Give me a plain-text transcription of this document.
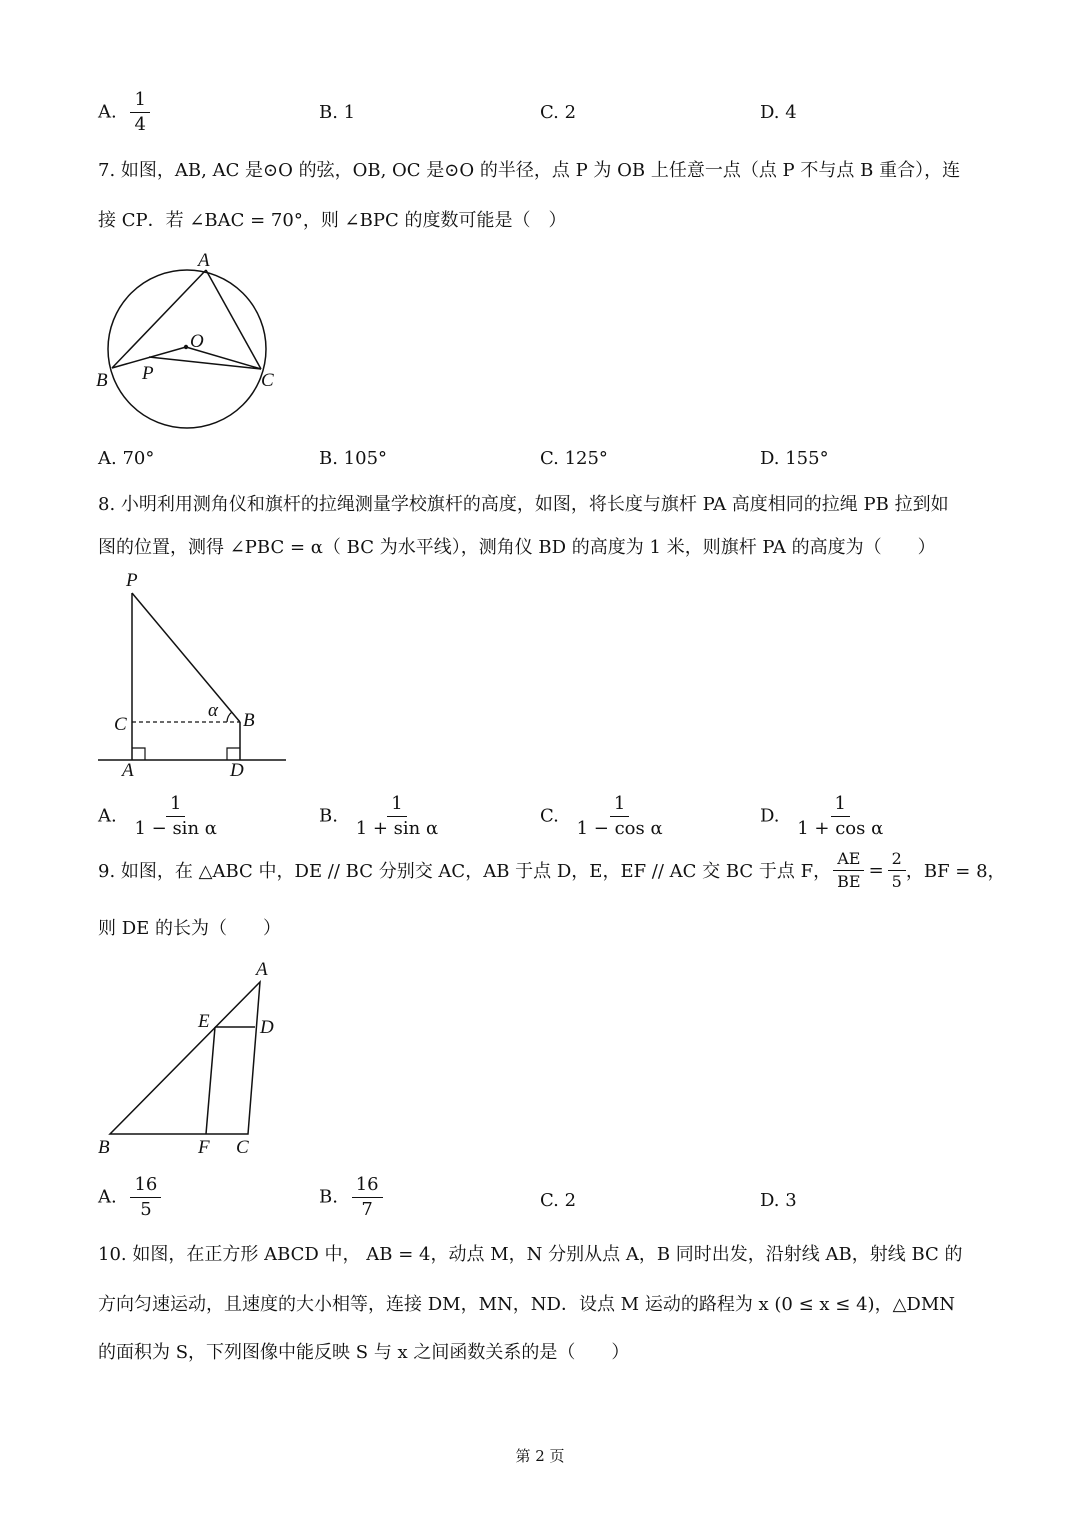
A. $\frac{1}{4}$	B. 1	C. 2	D. 4
7. 如图，AB, AC 是⊙O 的弦，OB, OC 是⊙O 的半径，点 P 为 OB 上任意一点（点 P 不与点 B 重合），连
接 CP．若 ∠BAC = 70°，则 ∠BPC 的度数可能是（　）
A
O
B P	C
A. 70°	B. 105°	C. 125°	D. 155°
8. 小明利用测角仪和旗杆的拉绳测量学校旗杆的高度，如图，将长度与旗杆 PA 高度相同的拉绳 PB 拉到如
图的位置，测得 ∠PBC = α（ BC 为水平线），测角仪 BD 的高度为 1 米，则旗杆 PA 的高度为（　　）
P
C	B
α
A	D
A. $\frac{1}{\text{1 − sin α}}$	B. $\frac{1}{\text{1 + sin α}}$	C. $\frac{1}{\text{1 − cos α}}$	D. $\frac{1}{\text{1 + cos α}}$
9. 如图，在 △ABC 中，DE // BC 分别交 AC，AB 于点 D，E，EF // AC 交 BC 于点 F， $\frac{AE}{BE} = \frac{2}{5}$ ，BF = 8，
则 DE 的长为（　　）
A
E	D
B	F C
A. $\frac{16}{5}$	B. $\frac{16}{7}$	C. 2	D. 3
10. 如图，在正方形 ABCD 中， AB = 4，动点 M，N 分别从点 A，B 同时出发，沿射线 AB，射线 BC 的
方向匀速运动，且速度的大小相等，连接 DM，MN，ND．设点 M 运动的路程为 x (0 ≤ x ≤ 4)，△DMN
的面积为 S，下列图像中能反映 S 与 x 之间函数关系的是（　　）
第 2 页
